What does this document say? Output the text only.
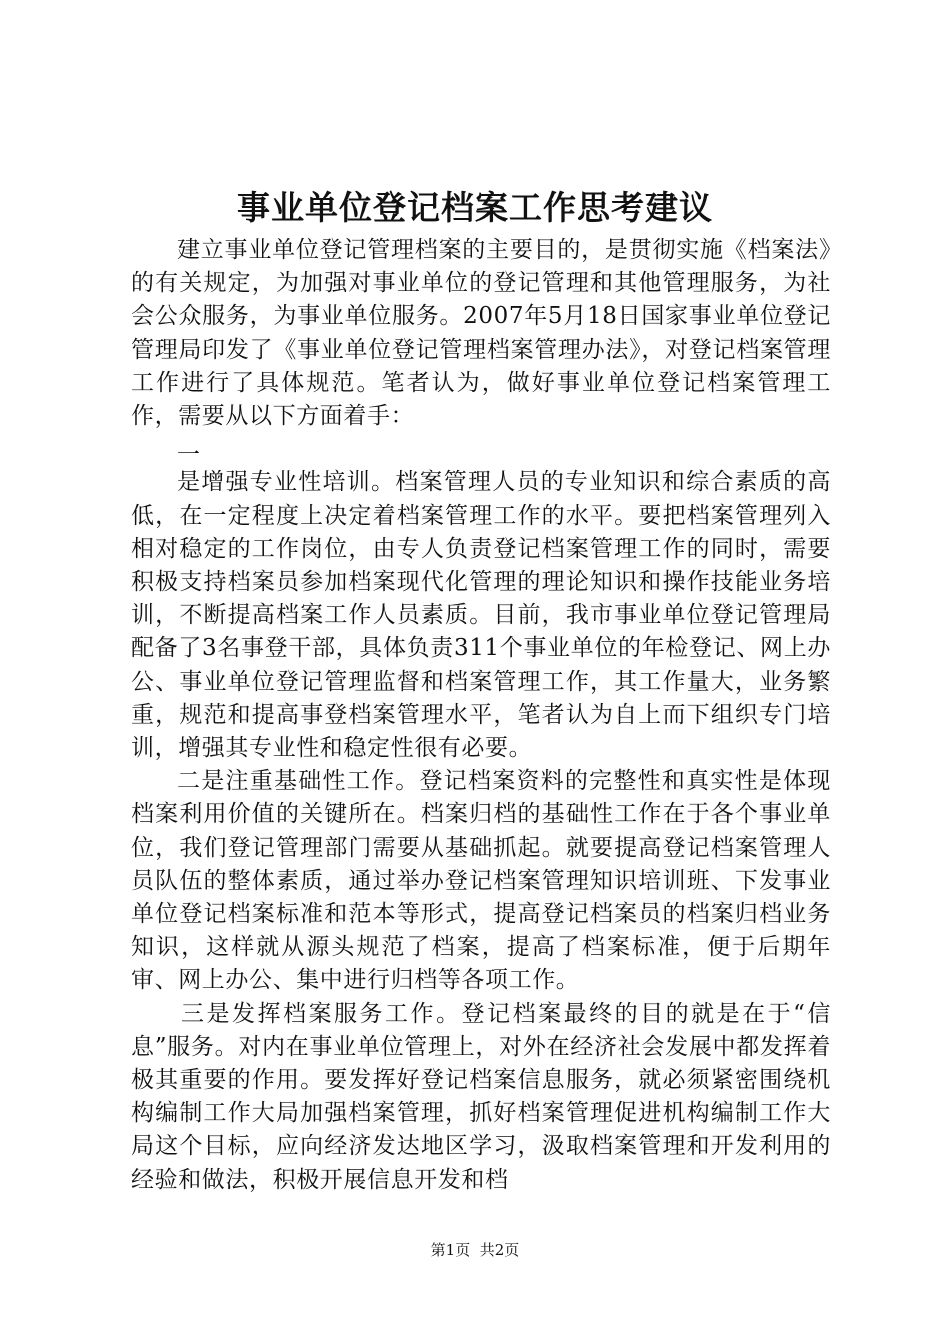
事业单位登记档案工作思考建议

建立事业单位登记管理档案的主要目的，是贯彻实施《档案法》的有关规定，为加强对事业单位的登记管理和其他管理服务，为社会公众服务，为事业单位服务。2007年5月18日国家事业单位登记管理局印发了《事业单位登记管理档案管理办法》，对登记档案管理工作进行了具体规范。笔者认为，做好事业单位登记档案管理工作，需要从以下方面着手：

一

是增强专业性培训。档案管理人员的专业知识和综合素质的高低，在一定程度上决定着档案管理工作的水平。要把档案管理列入相对稳定的工作岗位，由专人负责登记档案管理工作的同时，需要积极支持档案员参加档案现代化管理的理论知识和操作技能业务培训，不断提高档案工作人员素质。目前，我市事业单位登记管理局配备了3名事登干部，具体负责311个事业单位的年检登记、网上办公、事业单位登记管理监督和档案管理工作，其工作量大，业务繁重，规范和提高事登档案管理水平，笔者认为自上而下组织专门培训，增强其专业性和稳定性很有必要。

二是注重基础性工作。登记档案资料的完整性和真实性是体现档案利用价值的关键所在。档案归档的基础性工作在于各个事业单位，我们登记管理部门需要从基础抓起。就要提高登记档案管理人员队伍的整体素质，通过举办登记档案管理知识培训班、下发事业单位登记档案标准和范本等形式，提高登记档案员的档案归档业务知识，这样就从源头规范了档案，提高了档案标准，便于后期年审、网上办公、集中进行归档等各项工作。

三是发挥档案服务工作。登记档案最终的目的就是在于“信息”服务。对内在事业单位管理上，对外在经济社会发展中都发挥着极其重要的作用。要发挥好登记档案信息服务，就必须紧密围绕机构编制工作大局加强档案管理，抓好档案管理促进机构编制工作大局这个目标，应向经济发达地区学习，汲取档案管理和开发利用的经验和做法，积极开展信息开发和档

第1页 共2页
